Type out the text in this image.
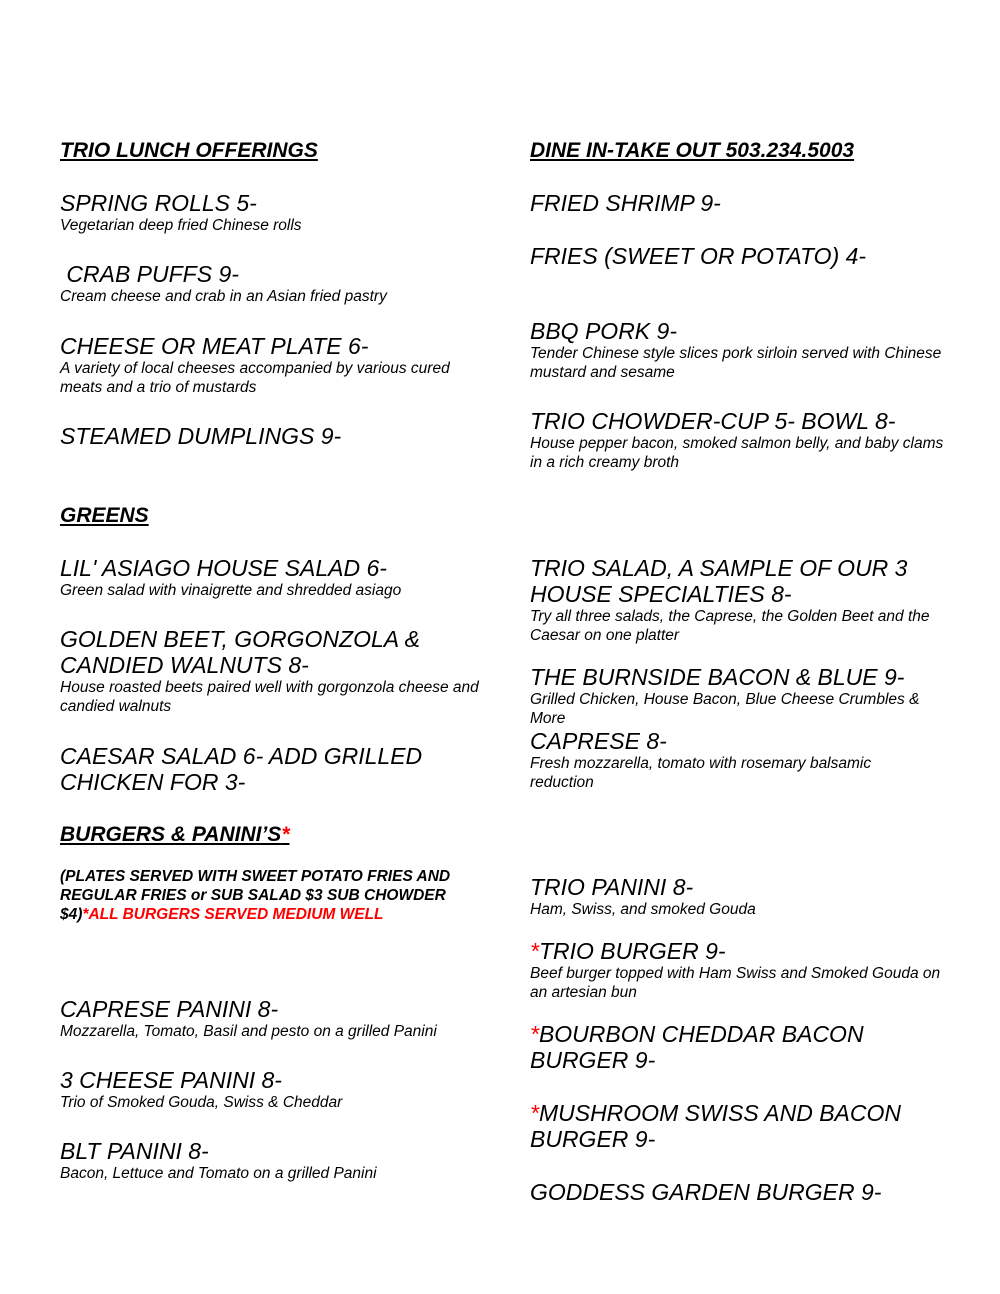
TRIO LUNCH OFFERINGS	DINE IN-TAKE OUT 503.234.5003
SPRING ROLLS 5-
Vegetarian deep fried Chinese rolls
CRAB PUFFS 9-
Cream cheese and crab in an Asian fried pastry
CHEESE OR MEAT PLATE 6-
A variety of local cheeses accompanied by various cured meats and a trio of mustards
STEAMED DUMPLINGS 9-
FRIED SHRIMP 9-
FRIES (SWEET OR POTATO) 4-
BBQ PORK 9-
Tender Chinese style slices pork sirloin served with Chinese mustard and sesame
TRIO CHOWDER-CUP 5- BOWL 8-
House pepper bacon, smoked salmon belly, and baby clams in a rich creamy broth
GREENS
LIL' ASIAGO HOUSE SALAD 6-
Green salad with vinaigrette and shredded asiago
GOLDEN BEET, GORGONZOLA & CANDIED WALNUTS 8-
House roasted beets paired well with gorgonzola cheese and candied walnuts
CAESAR SALAD 6- ADD GRILLED CHICKEN FOR 3-
TRIO SALAD, A SAMPLE OF OUR 3 HOUSE SPECIALTIES 8-
Try all three salads, the Caprese, the Golden Beet and the Caesar on one platter
THE BURNSIDE BACON & BLUE 9-
Grilled Chicken, House Bacon, Blue Cheese Crumbles & More
CAPRESE 8-
Fresh mozzarella, tomato with rosemary balsamic reduction
BURGERS & PANINI’S*
(PLATES SERVED WITH SWEET POTATO FRIES AND REGULAR FRIES or SUB SALAD $3 SUB CHOWDER $4)*ALL BURGERS SERVED MEDIUM WELL
CAPRESE PANINI 8-
Mozzarella, Tomato, Basil and pesto on a grilled Panini
3 CHEESE PANINI 8-
Trio of Smoked Gouda, Swiss & Cheddar
BLT PANINI 8-
Bacon, Lettuce and Tomato on a grilled Panini
TRIO PANINI 8-
Ham, Swiss, and smoked Gouda
*TRIO BURGER 9-
Beef burger topped with Ham Swiss and Smoked Gouda on an artesian bun
*BOURBON CHEDDAR BACON BURGER 9-
*MUSHROOM SWISS AND BACON BURGER 9-
GODDESS GARDEN BURGER 9-
